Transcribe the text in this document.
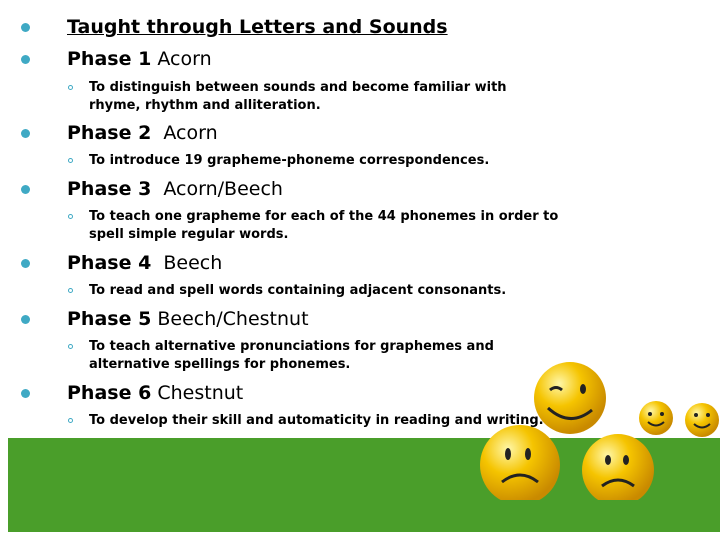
Taught through Letters and Sounds
Phase 1 Acorn
To distinguish between sounds and become familiar with rhyme, rhythm and alliteration.
Phase 2  Acorn
To introduce 19 grapheme-phoneme correspondences.
Phase 3  Acorn/Beech
To teach one grapheme for each of the 44 phonemes in order to spell simple regular words.
Phase 4  Beech
To read and spell words containing adjacent consonants.
Phase 5 Beech/Chestnut
To teach alternative pronunciations for graphemes and alternative spellings for phonemes.
Phase 6 Chestnut
To develop their skill and automaticity in reading and writing.
